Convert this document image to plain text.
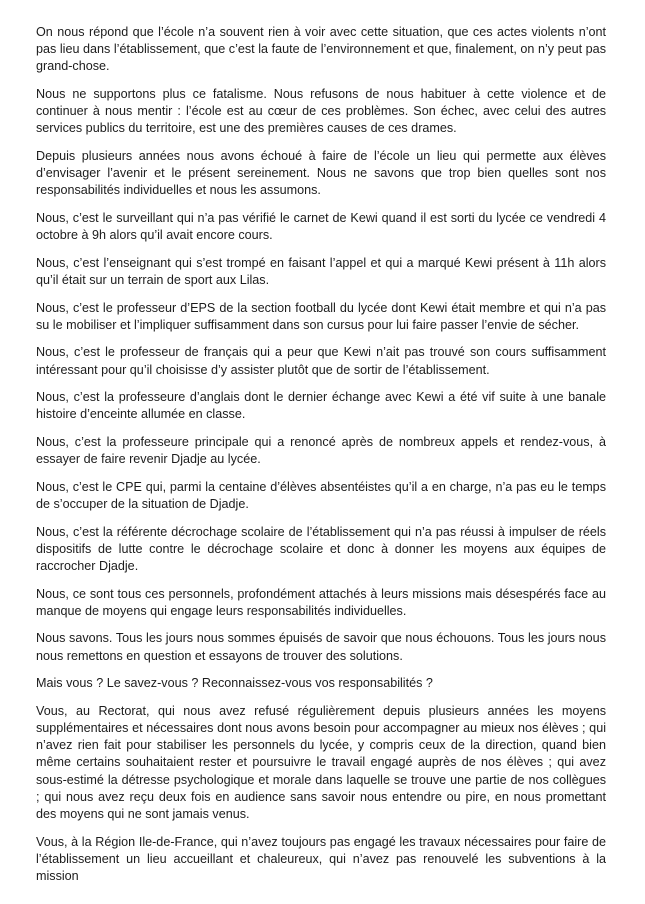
On nous répond que l’école n’a souvent rien à voir avec cette situation, que ces actes violents n’ont pas lieu dans l’établissement, que c’est la faute de l’environnement et que, finalement, on n’y peut pas grand-chose.

Nous ne supportons plus ce fatalisme. Nous refusons de nous habituer à cette violence et de continuer à nous mentir : l’école est au cœur de ces problèmes. Son échec, avec celui des autres services publics du territoire, est une des premières causes de ces drames.

Depuis plusieurs années nous avons échoué à faire de l’école un lieu qui permette aux élèves d’envisager l’avenir et le présent sereinement. Nous ne savons que trop bien quelles sont nos responsabilités individuelles et nous les assumons.

Nous, c’est le surveillant qui n’a pas vérifié le carnet de Kewi quand il est sorti du lycée ce vendredi 4 octobre à 9h alors qu’il avait encore cours.

Nous, c’est l’enseignant qui s’est trompé en faisant l’appel et qui a marqué Kewi présent à 11h alors qu’il était sur un terrain de sport aux Lilas.

Nous, c’est le professeur d’EPS de la section football du lycée dont Kewi était membre et qui n’a pas su le mobiliser et l’impliquer suffisamment dans son cursus pour lui faire passer l’envie de sécher.

Nous, c’est le professeur de français qui a peur que Kewi n’ait pas trouvé son cours suffisamment intéressant pour qu’il choisisse d’y assister plutôt que de sortir de l’établissement.

Nous, c’est la professeure d’anglais dont le dernier échange avec Kewi a été vif suite à une banale histoire d’enceinte allumée en classe.

Nous, c’est la professeure principale qui a renoncé après de nombreux appels et rendez-vous, à essayer de faire revenir Djadje au lycée.

Nous, c’est le CPE qui, parmi la centaine d’élèves absentéistes qu’il a en charge, n’a pas eu le temps de s’occuper de la situation de Djadje.

Nous, c’est la référente décrochage scolaire de l’établissement qui n’a pas réussi à impulser de réels dispositifs de lutte contre le décrochage scolaire et donc à donner les moyens aux équipes de raccrocher Djadje.

Nous, ce sont tous ces personnels, profondément attachés à leurs missions mais désespérés face au manque de moyens qui engage leurs responsabilités individuelles.

Nous savons. Tous les jours nous sommes épuisés de savoir que nous échouons. Tous les jours nous nous remettons en question et essayons de trouver des solutions.

Mais vous ? Le savez-vous ? Reconnaissez-vous vos responsabilités ?

Vous, au Rectorat, qui nous avez refusé régulièrement depuis plusieurs années les moyens supplémentaires et nécessaires dont nous avons besoin pour accompagner au mieux nos élèves ; qui n’avez rien fait pour stabiliser les personnels du lycée, y compris ceux de la direction, quand bien même certains souhaitaient rester et poursuivre le travail engagé auprès de nos élèves ; qui avez sous-estimé la détresse psychologique et morale dans laquelle se trouve une partie de nos collègues ; qui nous avez reçu deux fois en audience sans savoir nous entendre ou pire, en nous promettant des moyens qui ne sont jamais venus.

Vous, à la Région Ile-de-France, qui n’avez toujours pas engagé les travaux nécessaires pour faire de l’établissement un lieu accueillant et chaleureux, qui n’avez pas renouvelé les subventions à la mission
